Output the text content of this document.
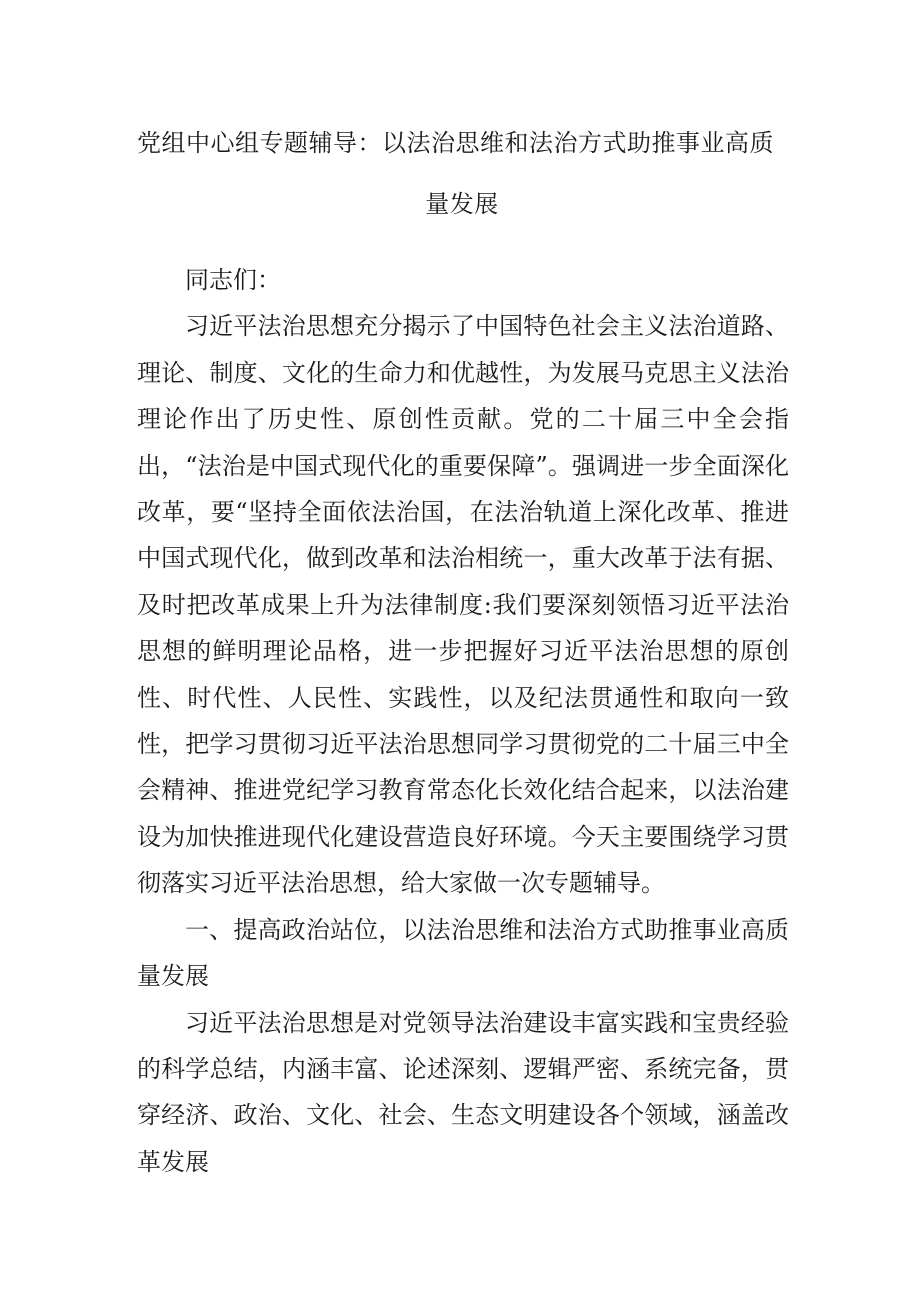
党组中心组专题辅导：以法治思维和法治方式助推事业高质
量发展

同志们：

习近平法治思想充分揭示了中国特色社会主义法治道路、理论、制度、文化的生命力和优越性，为发展马克思主义法治理论作出了历史性、原创性贡献。党的二十届三中全会指出，“法治是中国式现代化的重要保障”。强调进一步全面深化改革，要“坚持全面依法治国，在法治轨道上深化改革、推进中国式现代化，做到改革和法治相统一，重大改革于法有据、及时把改革成果上升为法律制度:我们要深刻领悟习近平法治思想的鲜明理论品格，进一步把握好习近平法治思想的原创性、时代性、人民性、实践性，以及纪法贯通性和取向一致性，把学习贯彻习近平法治思想同学习贯彻党的二十届三中全会精神、推进党纪学习教育常态化长效化结合起来，以法治建设为加快推进现代化建设营造良好环境。今天主要围绕学习贯彻落实习近平法治思想，给大家做一次专题辅导。

一、提高政治站位，以法治思维和法治方式助推事业高质量发展

习近平法治思想是对党领导法治建设丰富实践和宝贵经验的科学总结，内涵丰富、论述深刻、逻辑严密、系统完备，贯穿经济、政治、文化、社会、生态文明建设各个领域，涵盖改革发展
